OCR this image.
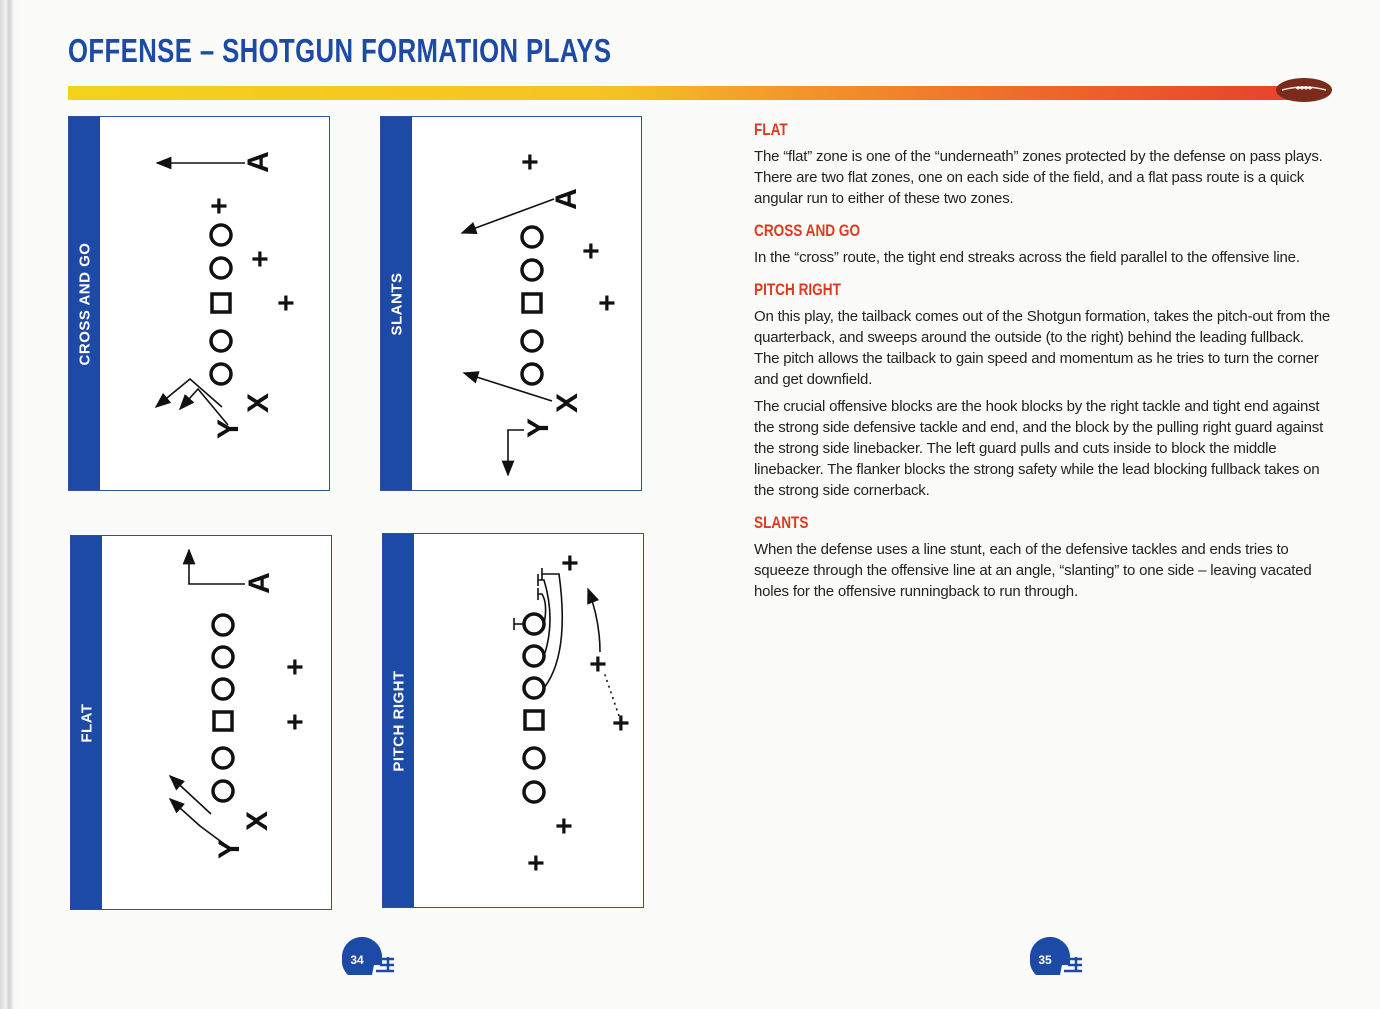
OFFENSE – SHOTGUN FORMATION PLAYS
CROSS AND GO
A
+
+
+
X
Y
SLANTS
+
A
+
+
X
Y
FLAT
A
+
+
X
Y
PITCH RIGHT
+
+
+
+
+
FLAT

The “flat” zone is one of the “underneath” zones protected by the defense on pass plays. There are two flat zones, one on each side of the field, and a flat pass route is a quick angular run to either of these two zones.

CROSS AND GO

In the “cross” route, the tight end streaks across the field parallel to the offensive line.

PITCH RIGHT

On this play, the tailback comes out of the Shotgun formation, takes the pitch-out from the quarterback, and sweeps around the outside (to the right) behind the leading fullback. The pitch allows the tailback to gain speed and momentum as he tries to turn the corner and get downfield.

The crucial offensive blocks are the hook blocks by the right tackle and tight end against the strong side defensive tackle and end, and the block by the pulling right guard against the strong side linebacker. The left guard pulls and cuts inside to block the middle linebacker. The flanker blocks the strong safety while the lead blocking fullback takes on the strong side cornerback.

SLANTS

When the defense uses a line stunt, each of the defensive tackles and ends tries to squeeze through the offensive line at an angle, “slanting” to one side – leaving vacated holes for the offensive runningback to run through.

34	35
